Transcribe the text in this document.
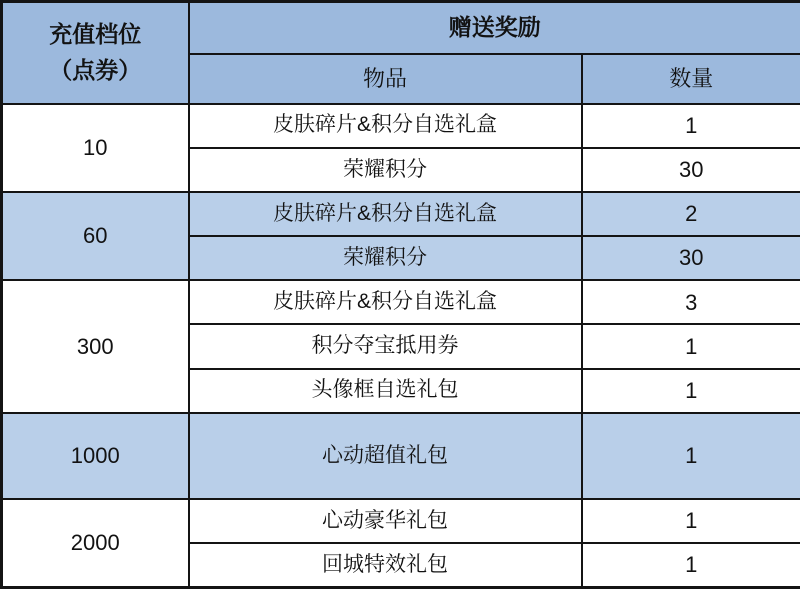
充值档位
（点券）	赠送奖励	
	物品	数量
10	皮肤碎片&积分自选礼盒	1
	荣耀积分	30
60	皮肤碎片&积分自选礼盒	2
	荣耀积分	30
300	皮肤碎片&积分自选礼盒	3
	积分夺宝抵用券	1
	头像框自选礼包	1
1000	心动超值礼包	1
2000	心动豪华礼包	1
	回城特效礼包	1
